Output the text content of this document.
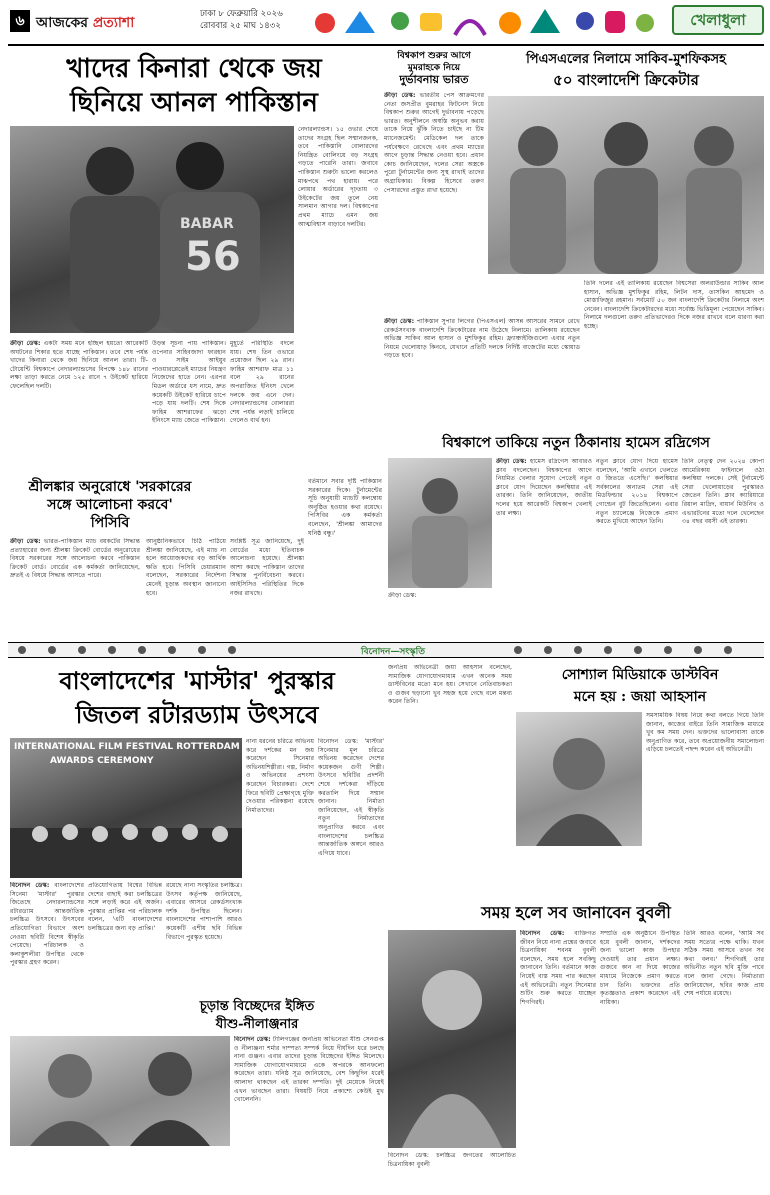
৬ আজকের প্রত্যাশা
ঢাকা ৮ ফেব্রুয়ারি ২০২৬
রোববার ২৫ মাঘ ১৪৩২	খেলাধুলা
খাদের কিনারা থেকে জয়
ছিনিয়ে আনল পাকিস্তান
BABAR
56
ক্রীড়া ডেস্ক: একটা সময় মনে হচ্ছিল হয়তো আরেকটি অঘটনের শিকার হতে যাচ্ছে পাকিস্তান। তবে শেষ পর্যন্ত খাদের কিনারা থেকে জয় ছিনিয়ে আনল তারা। টি-টোয়েন্টি বিশ্বকাপে নেদারল্যান্ডসের বিপক্ষে ১৪৮ রানের লক্ষ্য তাড়া করতে নেমে ১২৫ রানে ৭ উইকেট হারিয়ে ফেলেছিল দলটি।
উড়ন্ত সূচনা পায় পাকিস্তান। ওপেনার সাহিবজাদা ফারহান ও সাইম আইয়ুব পাওয়ারপ্লেতেই ম্যাচের নিয়ন্ত্রণ নিজেদের হাতে নেন। এরপর মিডল অর্ডারে ধস নামে, দ্রুত কয়েকটি উইকেট হারিয়ে চাপে পড়ে যায় দলটি। শেষ দিকে ফাহিম আশরাফের ঝড়ো ইনিংসে ম্যাচ জেতে পাকিস্তান।
মুহূর্তে পরিস্থিতি বদলে যায়। শেষ তিন ওভারে প্রয়োজন ছিল ২৯ রান। ফাহিম আশরাফ মাত্র ১১ বলে ২৯ রানের অপরাজিত ইনিংস খেলে দলকে জয় এনে দেন। নেদারল্যান্ডসের বোলাররা শেষ পর্যন্ত লড়াই চালিয়ে গেলেও ব্যর্থ হন।
নেদারল্যান্ডস। ১৫ ওভার শেষে তাদের সংগ্রহ ছিল সম্মানজনক, তবে পাকিস্তানি বোলারদের নিয়ন্ত্রিত বোলিংয়ে বড় সংগ্রহ গড়তে পারেনি তারা। জবাবে পাকিস্তান শুরুটা ভালো করলেও মাঝপথে পথ হারায়। পরে লোয়ার অর্ডারের দৃঢ়তায় ৩ উইকেটের জয় তুলে নেয় সালমান আগার দল। বিশ্বকাপের প্রথম ম্যাচে এমন জয় আত্মবিশ্বাস বাড়াবে দলটির।
বিশ্বকাপ শুরুর আগে
মুমরাহকে নিয়ে
দুর্ভাবনায় ভারত
ক্রীড়া ডেস্ক: ভারতীয় পেস আক্রমণের নেতা জসপ্রীত বুমরাহর ফিটনেস নিয়ে বিশ্বকাপ শুরুর আগেই দুর্ভাবনায় পড়েছে ভারত। অনুশীলনে অস্বস্তি অনুভব করায় তাকে নিয়ে ঝুঁকি নিতে চাইছে না টিম ম্যানেজমেন্ট। মেডিকেল দল তাকে পর্যবেক্ষণে রেখেছে এবং প্রথম ম্যাচের আগে চূড়ান্ত সিদ্ধান্ত নেওয়া হবে। প্রধান কোচ জানিয়েছেন, দলের সেরা অস্ত্রকে পুরো টুর্নামেন্টের জন্য সুস্থ রাখাই তাদের অগ্রাধিকার। বিকল্প হিসেবে তরুণ পেসারদের প্রস্তুত রাখা হয়েছে।
পিএসএলের নিলামে সাকিব-মুশফিকসহ
৫০ বাংলাদেশি ক্রিকেটার
ক্রীড়া ডেস্ক: পাকিস্তান সুপার লিগের (পিএসএল) আসন্ন আসরের সামনে রেখে রেকর্ডসংখ্যক বাংলাদেশি ক্রিকেটারের নাম উঠেছে নিলামে। তালিকায় রয়েছেন অভিজ্ঞ সাকিব আল হাসান ও মুশফিকুর রহিম। ফ্র্যাঞ্চাইজিগুলো এবার নতুন নিয়মে খেলোয়াড় কিনবে, যেখানে প্রতিটি দলকে নির্দিষ্ট বাজেটের মধ্যে স্কোয়াড গড়তে হবে।
তিনি দলের এই তালিকায় রয়েছেন বিশ্বসেরা অলরাউন্ডার সাকিব আল হাসান, অভিজ্ঞ মুশফিকুর রহিম, লিটন দাস, তাসকিন আহমেদ ও মোস্তাফিজুর রহমান। সর্বমোট ৫০ জন বাংলাদেশি ক্রিকেটার নিলামে অংশ নেবেন। বাংলাদেশি ক্রিকেটারদের মধ্যে সর্বোচ্চ ভিত্তিমূল্য পেয়েছেন সাকিব। নিলামে দলগুলো তরুণ প্রতিভাদেরও দিকে নজর রাখবে বলে ধারণা করা হচ্ছে।
শ্রীলঙ্কার অনুরোধে 'সরকারের
সঙ্গে আলোচনা করবে'
পিসিবি
ক্রীড়া ডেস্ক: ভারত-পাকিস্তান ম্যাচ বয়কটের সিদ্ধান্ত প্রত্যাহারের জন্য শ্রীলঙ্কা ক্রিকেট বোর্ডের অনুরোধের বিষয়ে সরকারের সঙ্গে আলোচনা করবে পাকিস্তান ক্রিকেট বোর্ড। বোর্ডের এক কর্মকর্তা জানিয়েছেন, দ্রুতই এ বিষয়ে সিদ্ধান্ত আসতে পারে।
আনুষ্ঠানিকভাবে চিঠি পাঠিয়ে শ্রীলঙ্কা জানিয়েছে, এই ম্যাচ না হলে আয়োজকদের বড় আর্থিক ক্ষতি হবে। পিসিবি চেয়ারম্যান বলেছেন, সরকারের নির্দেশনা মেনেই চূড়ান্ত অবস্থান জানানো হবে।
সংশ্লিষ্ট সূত্র জানিয়েছে, দুই বোর্ডের মধ্যে ইতিবাচক আলোচনা হয়েছে। শ্রীলঙ্কা আশা করছে পাকিস্তান তাদের সিদ্ধান্ত পুনর্বিবেচনা করবে। আইসিসিও পরিস্থিতির দিকে নজর রাখছে।
বর্তমানে সবার দৃষ্টি পাকিস্তান সরকারের দিকে। টুর্নামেন্টের সূচি অনুযায়ী ম্যাচটি কলম্বোয় অনুষ্ঠিত হওয়ার কথা রয়েছে। পিসিবির এক কর্মকর্তা বলেছেন, 'শ্রীলঙ্কা আমাদের ঘনিষ্ঠ বন্ধু।'
বিশ্বকাপে তাকিয়ে নতুন ঠিকানায় হামেস রদ্রিগেস
ক্রীড়া ডেস্ক: হামেস রদ্রিগেস আবারও ক্লাব বদলেছেন। বিশ্বকাপের আগে নিয়মিত খেলার সুযোগ পেতেই নতুন ক্লাবে যোগ দিয়েছেন কলম্বিয়ার এই তারকা। তিনি জানিয়েছেন, জাতীয় দলের হয়ে আরেকটি বিশ্বকাপ খেলাই তার লক্ষ্য।
নতুন ক্লাবে যোগ দিয়ে হামেস বলেছেন, 'আমি এখানে খেলতে ও জিততে এসেছি।' কলম্বিয়ার সর্বকালের অন্যতম সেরা এই মিডফিল্ডার ২০১৪ বিশ্বকাপে গোল্ডেন বুট জিতেছিলেন। এবার নতুন চ্যালেঞ্জে নিজেকে প্রমাণ করতে মুখিয়ে আছেন তিনি।
তিনি নেতৃত্ব দেন ২০২৪ কোপা আমেরিকায় ফাইনালে ওঠা কলম্বিয়া দলকে। সেই টুর্নামেন্টে সেরা খেলোয়াড়ের পুরস্কারও জেতেন তিনি। ক্লাব ক্যারিয়ারে রিয়াল মাদ্রিদ, বায়ার্ন মিউনিখ ও এভারটনের মতো দলে খেলেছেন ৩৪ বছর বয়সী এই তারকা।
ক্রীড়া ডেস্ক:
বিনোদন—সংস্কৃতি
বাংলাদেশের 'মাস্টার' পুরস্কার
জিতল রটারড্যাম উৎসবে
INTERNATIONAL FILM FESTIVAL ROTTERDAM
AWARDS CEREMONY
বিনোদন ডেস্ক: বাংলাদেশের সিনেমা 'মাস্টার' পুরস্কার জিতেছে নেদারল্যান্ডসের রটারড্যাম আন্তর্জাতিক চলচ্চিত্র উৎসবে। উৎসবের প্রতিযোগিতা বিভাগে অংশ নেওয়া ছবিটি বিশেষ স্বীকৃতি পেয়েছে। পরিচালক ও কলাকুশলীরা উপস্থিত থেকে পুরস্কার গ্রহণ করেন।
প্রতিযোগিতায় বিশ্বের বিভিন্ন দেশের বাছাই করা চলচ্চিত্রের সঙ্গে লড়াই করে এই অর্জন। পুরস্কার প্রাপ্তির পর পরিচালক বলেন, 'এটি বাংলাদেশের চলচ্চিত্রের জন্য বড় প্রাপ্তি।'
রয়েছে নানা সংস্কৃতির চলচ্চিত্র। উৎসব কর্তৃপক্ষ জানিয়েছে, এবারের আসরে রেকর্ডসংখ্যক দর্শক উপস্থিত ছিলেন। বাংলাদেশের পাশাপাশি আরও কয়েকটি এশীয় ছবি বিভিন্ন বিভাগে পুরস্কৃত হয়েছে।
নানা ধরনের চরিত্রে অভিনয় করে দর্শকের মন জয় করেছেন সিনেমার অভিনয়শিল্পীরা। গল্প, নির্মাণ ও অভিনয়ের প্রশংসা করেছেন বিচারকরা। দেশে ফিরে ছবিটি প্রেক্ষাগৃহে মুক্তি দেওয়ার পরিকল্পনা রয়েছে নির্মাতাদের।
বিনোদন ডেস্ক: 'মাস্টার' সিনেমার মূল চরিত্রে অভিনয় করেছেন দেশের কয়েকজন গুণী শিল্পী। উৎসবে ছবিটির প্রদর্শনী শেষে দর্শকেরা দাঁড়িয়ে করতালি দিয়ে সম্মান জানান। নির্মাতা জানিয়েছেন, এই স্বীকৃতি নতুন নির্মাতাদের অনুপ্রাণিত করবে এবং বাংলাদেশের চলচ্চিত্র আন্তর্জাতিক অঙ্গনে আরও এগিয়ে যাবে।
জনপ্রিয় অভিনেত্রী জয়া আহসান বলেছেন, সামাজিক যোগাযোগমাধ্যম এখন অনেক সময় ডাস্টবিনের মতো মনে হয়। সেখানে নেতিবাচকতা ও গুজব ছড়ানো খুব সহজ হয়ে গেছে বলে মন্তব্য করেন তিনি।
সোশ্যাল মিডিয়াকে ডাস্টবিন
মনে হয় : জয়া আহসান
সমসাময়িক বিষয় নিয়ে কথা বলতে গিয়ে তিনি জানান, কাজের বাইরে তিনি সামাজিক মাধ্যমে খুব কম সময় দেন। ভক্তদের ভালোবাসা তাকে অনুপ্রাণিত করে, তবে অপ্রয়োজনীয় সমালোচনা এড়িয়ে চলতেই পছন্দ করেন এই অভিনেত্রী।
চূড়ান্ত বিচ্ছেদের ইঙ্গিত
যীশু-নীলাঞ্জনার
বিনোদন ডেস্ক: টালিগঞ্জের জনপ্রিয় অভিনেতা যীশু সেনগুপ্ত ও নীলাঞ্জনা শর্মার দাম্পত্য সম্পর্ক নিয়ে দীর্ঘদিন ধরে চলছে নানা গুঞ্জন। এবার তাদের চূড়ান্ত বিচ্ছেদের ইঙ্গিত মিলেছে। সামাজিক যোগাযোগমাধ্যমে একে অপরকে আনফলো করেছেন তারা। ঘনিষ্ঠ সূত্র জানিয়েছে, বেশ কিছুদিন ধরেই আলাদা থাকছেন এই তারকা দম্পতি। দুই মেয়েকে নিয়েই এখন ভাবছেন তারা। বিষয়টি নিয়ে প্রকাশ্যে কেউই মুখ খোলেননি।
সময় হলে সব জানাবেন বুবলী
বিনোদন ডেস্ক: চলচ্চিত্র জগতের আলোচিত চিত্রনায়িকা বুবলী
বিনোদন ডেস্ক: ব্যক্তিগত জীবন নিয়ে নানা প্রশ্নের জবাবে চিত্রনায়িকা শবনম বুবলী বলেছেন, সময় হলে সবকিছু জানাবেন তিনি। বর্তমানে কাজ নিয়েই ব্যস্ত সময় পার করছেন এই অভিনেত্রী। নতুন সিনেমার শুটিং শুরু করতে যাচ্ছেন শিগগিরই।
সম্প্রতি এক অনুষ্ঠানে উপস্থিত হয়ে বুবলী জানান, দর্শকদের জন্য ভালো কাজ উপহার দেওয়াই তার প্রধান লক্ষ্য। গুজবে কান না দিয়ে কাজের মাধ্যমে নিজেকে প্রমাণ করতে চান তিনি। ভক্তদের প্রতি কৃতজ্ঞতাও প্রকাশ করেছেন এই নায়িকা।
তিনি আরও বলেন, 'আমি সব সময় সত্যের পক্ষে থাকি। যখন সঠিক সময় আসবে তখন সব কথা বলব।' শিগগিরই তার অভিনীত নতুন ছবি মুক্তি পাবে বলে জানা গেছে। নির্মাতারা জানিয়েছেন, ছবির কাজ প্রায় শেষ পর্যায়ে রয়েছে।
